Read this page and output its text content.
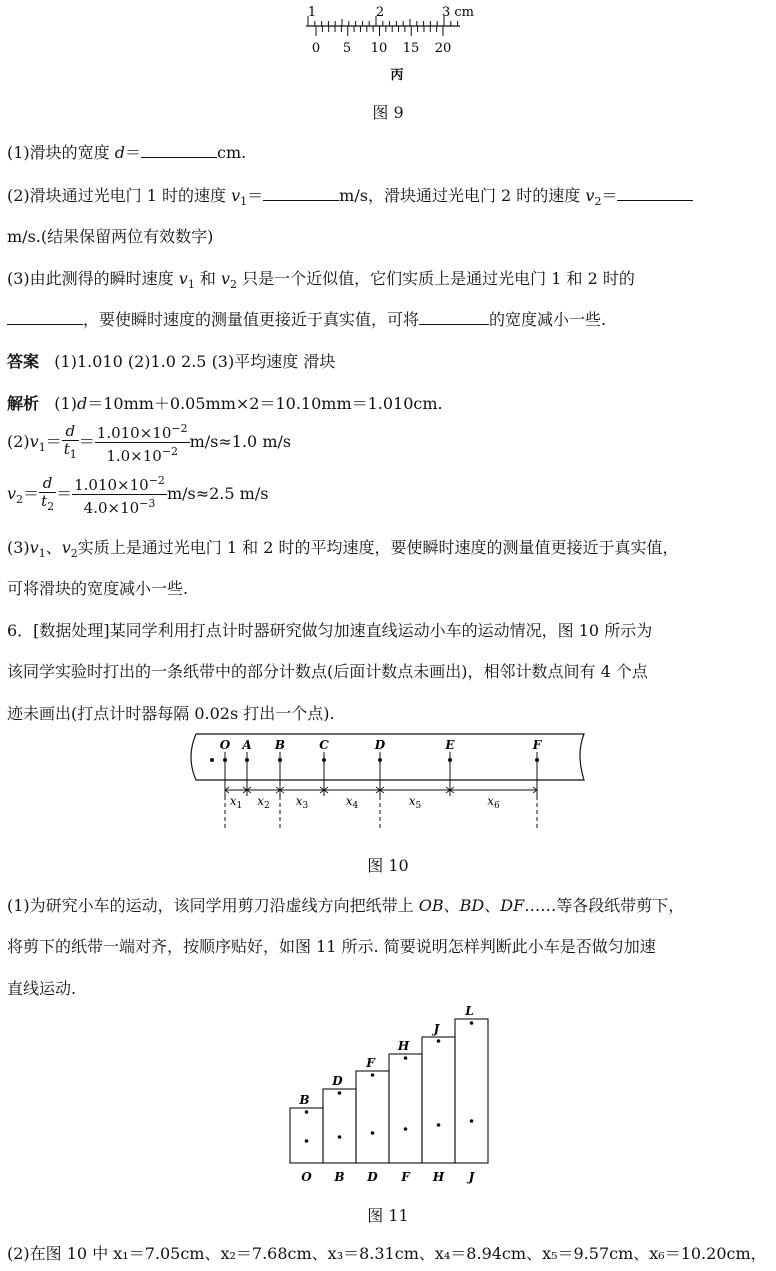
1	2	3 cm
0 5 10 15 20
丙
图 9
(1)滑块的宽度 d＝	cm.
(2)滑块通过光电门 1 时的速度 $v_1=$	m/s，滑块通过光电门 2 时的速度 $v_2=$
m/s.(结果保留两位有效数字)
(3)由此测得的瞬时速度 $v_1$ 和 $v_2$ 只是一个近似值，它们实质上是通过光电门 1 和 2 时的
，要使瞬时速度的测量值更接近于真实值，可将	的宽度减小一些.
答案 (1)1.010 (2)1.0 2.5 (3)平均速度 滑块
解析 (1)d＝10mm＋0.05mm×2＝10.10mm＝1.010cm.
$(2)v_1= \frac{d}{t_1} = \frac{1.010\times 10^{-2}}{1.0\times 10^{-2}} m/s\approx 1.0$ m/s
$v_2= \frac{d}{t_2} = \frac{1.010\times 10^{-2}}{4.0\times 10^{-3}} m/s\approx 2.5$ m/s
$(3)v_1$、$v_2$实质上是通过光电门 1 和 2 时的平均速度，要使瞬时速度的测量值更接近于真实值，
可将滑块的宽度减小一些.
6．[数据处理]某同学利用打点计时器研究做匀加速直线运动小车的运动情况，图 10 所示为
该同学实验时打出的一条纸带中的部分计数点(后面计数点未画出)，相邻计数点间有 4 个点
迹未画出(打点计时器每隔 0.02s 打出一个点).
O A B	C	D	E	F
$x_1$ $x_2$ $x_3$	$x_4$	$x_5$	$x_6$
图 10
(1)为研究小车的运动，该同学用剪刀沿虚线方向把纸带上 OB、BD、DF……等各段纸带剪下，
将剪下的纸带一端对齐，按顺序贴好，如图 11 所示. 简要说明怎样判断此小车是否做匀加速
直线运动.
B
O
D
B
F
D
H
F
J
H
L
J
图 11
(2)在图 10 中 x₁＝7.05cm、x₂＝7.68cm、x₃＝8.31cm、x₄＝8.94cm、x₅＝9.57cm、x₆＝10.20cm，
